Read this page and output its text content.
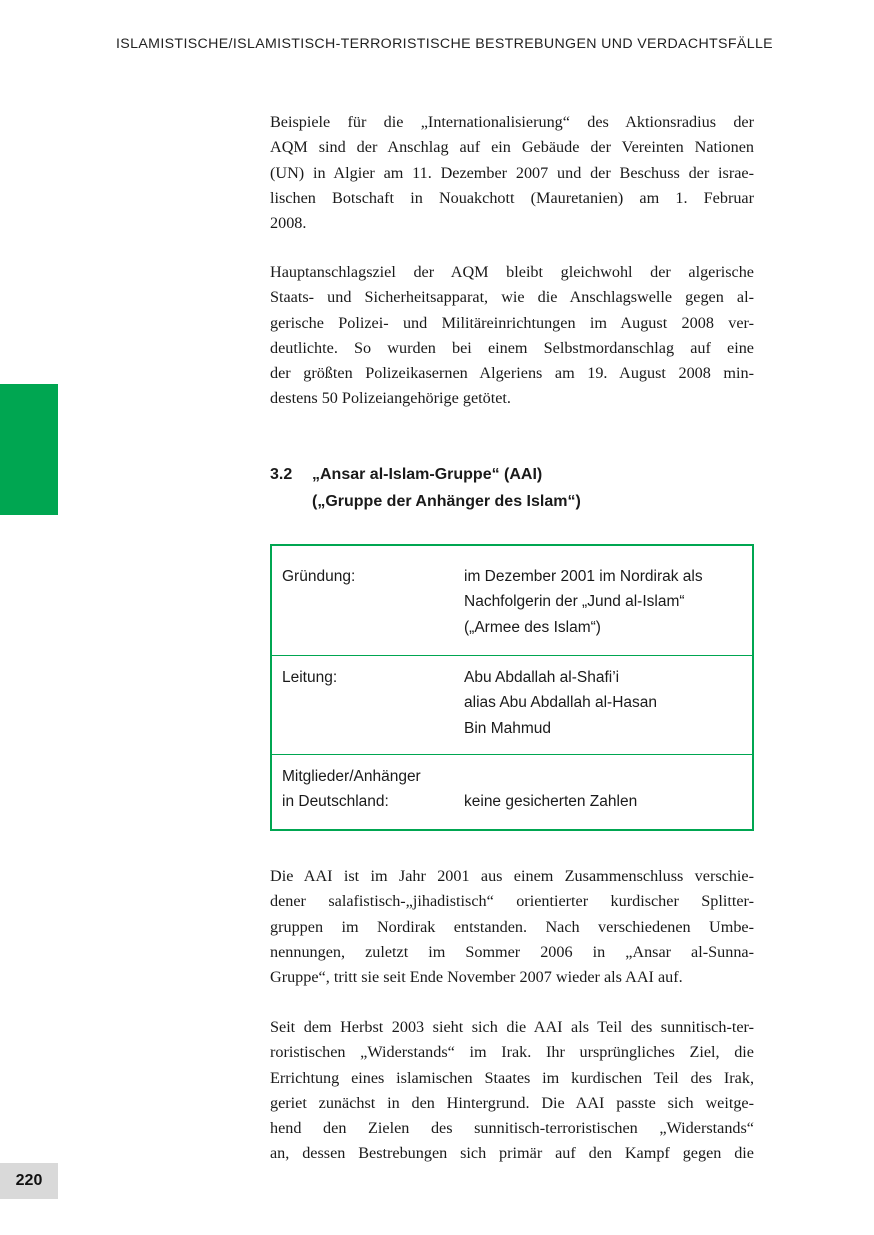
ISLAMISTISCHE/ISLAMISTISCH-TERRORISTISCHE BESTREBUNGEN UND VERDACHTSFÄLLE
Beispiele für die „Internationalisierung“ des Aktionsradius der
AQM sind der Anschlag auf ein Gebäude der Vereinten Nationen
(UN) in Algier am 11. Dezember 2007 und der Beschuss der israe-
lischen Botschaft in Nouakchott (Mauretanien) am 1. Februar
2008.
Hauptanschlagsziel der AQM bleibt gleichwohl der algerische
Staats- und Sicherheitsapparat, wie die Anschlagswelle gegen al-
gerische Polizei- und Militäreinrichtungen im August 2008 ver-
deutlichte. So wurden bei einem Selbstmordanschlag auf eine
der größten Polizeikasernen Algeriens am 19. August 2008 min-
destens 50 Polizeiangehörige getötet.
3.2 „Ansar al-Islam-Gruppe“ (AAI)
(„Gruppe der Anhänger des Islam“)
Gründung:	im Dezember 2001 im Nordirak als
Nachfolgerin der „Jund al-Islam“
(„Armee des Islam“)
Leitung:	Abu Abdallah al-Shafi’i
alias Abu Abdallah al-Hasan
Bin Mahmud
Mitglieder/Anhänger
in Deutschland:	keine gesicherten Zahlen
Die AAI ist im Jahr 2001 aus einem Zusammenschluss verschie-
dener salafistisch-„jihadistisch“ orientierter kurdischer Splitter-
gruppen im Nordirak entstanden. Nach verschiedenen Umbe-
nennungen, zuletzt im Sommer 2006 in „Ansar al-Sunna-
Gruppe“, tritt sie seit Ende November 2007 wieder als AAI auf.
Seit dem Herbst 2003 sieht sich die AAI als Teil des sunnitisch-ter-
roristischen „Widerstands“ im Irak. Ihr ursprüngliches Ziel, die
Errichtung eines islamischen Staates im kurdischen Teil des Irak,
geriet zunächst in den Hintergrund. Die AAI passte sich weitge-
hend den Zielen des sunnitisch-terroristischen „Widerstands“
an, dessen Bestrebungen sich primär auf den Kampf gegen die
220
